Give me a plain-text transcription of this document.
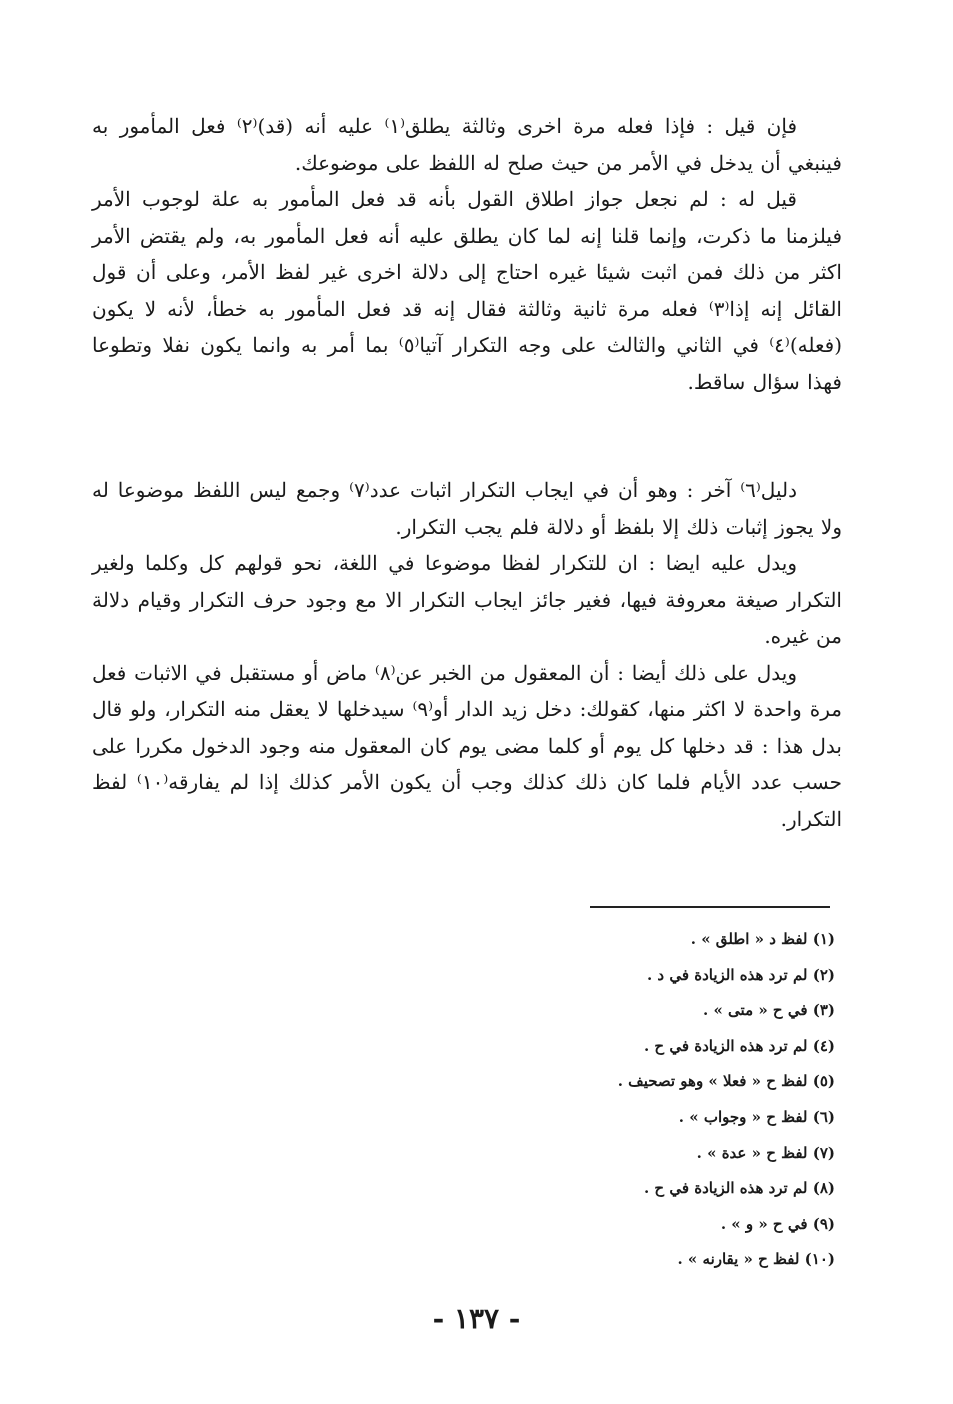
فإن قيل : فإذا فعله مرة اخرى وثالثة يطلق⁽١⁾ عليه أنه (قد)⁽٢⁾ فعل المأمور به فينبغي أن يدخل في الأمر من حيث صلح له اللفظ على موضوعك.

قيل له : لم نجعل جواز اطلاق القول بأنه قد فعل المأمور به علة لوجوب الأمر فيلزمنا ما ذكرت، وإنما قلنا إنه لما كان يطلق عليه أنه فعل المأمور به، ولم يقتض الأمر اكثر من ذلك فمن اثبت شيئا غيره احتاج إلى دلالة اخرى غير لفظ الأمر، وعلى أن قول القائل إنه إذا⁽٣⁾ فعله مرة ثانية وثالثة فقال إنه قد فعل المأمور به خطأ، لأنه لا يكون (فعله)⁽٤⁾ في الثاني والثالث على وجه التكرار آتيا⁽٥⁾ بما أمر به وانما يكون نفلا وتطوعا فهذا سؤال ساقط.

دليل⁽٦⁾ آخر : وهو أن في ايجاب التكرار اثبات عدد⁽٧⁾ وجمع ليس اللفظ موضوعا له ولا يجوز إثبات ذلك إلا بلفظ أو دلالة فلم يجب التكرار.

ويدل عليه ايضا : ان للتكرار لفظا موضوعا في اللغة، نحو قولهم كل وكلما ولغير التكرار صيغة معروفة فيها، فغير جائز ايجاب التكرار الا مع وجود حرف التكرار وقيام دلالة من غيره.

ويدل على ذلك أيضا : أن المعقول من الخبر عن⁽٨⁾ ماض أو مستقبل في الاثبات فعل مرة واحدة لا اكثر منها، كقولك: دخل زيد الدار أو⁽٩⁾ سيدخلها لا يعقل منه التكرار، ولو قال بدل هذا : قد دخلها كل يوم أو كلما مضى يوم كان المعقول منه وجود الدخول مكررا على حسب عدد الأيام فلما كان ذلك كذلك وجب أن يكون الأمر كذلك إذا لم يفارقه⁽١٠⁾ لفظ التكرار.

(١) لفظ د « اطلق » .
(٢) لم ترد هذه الزيادة في د .
(٣) في ح « متى » .
(٤) لم ترد هذه الزيادة في ح .
(٥) لفظ ح « فعلا » وهو تصحيف .
(٦) لفظ ح « وجواب » .
(٧) لفظ ح « عدة » .
(٨) لم ترد هذه الزيادة في ح .
(٩) في ح « و » .
(١٠) لفظ ح « يقارنه » .
- ١٣٧ -
